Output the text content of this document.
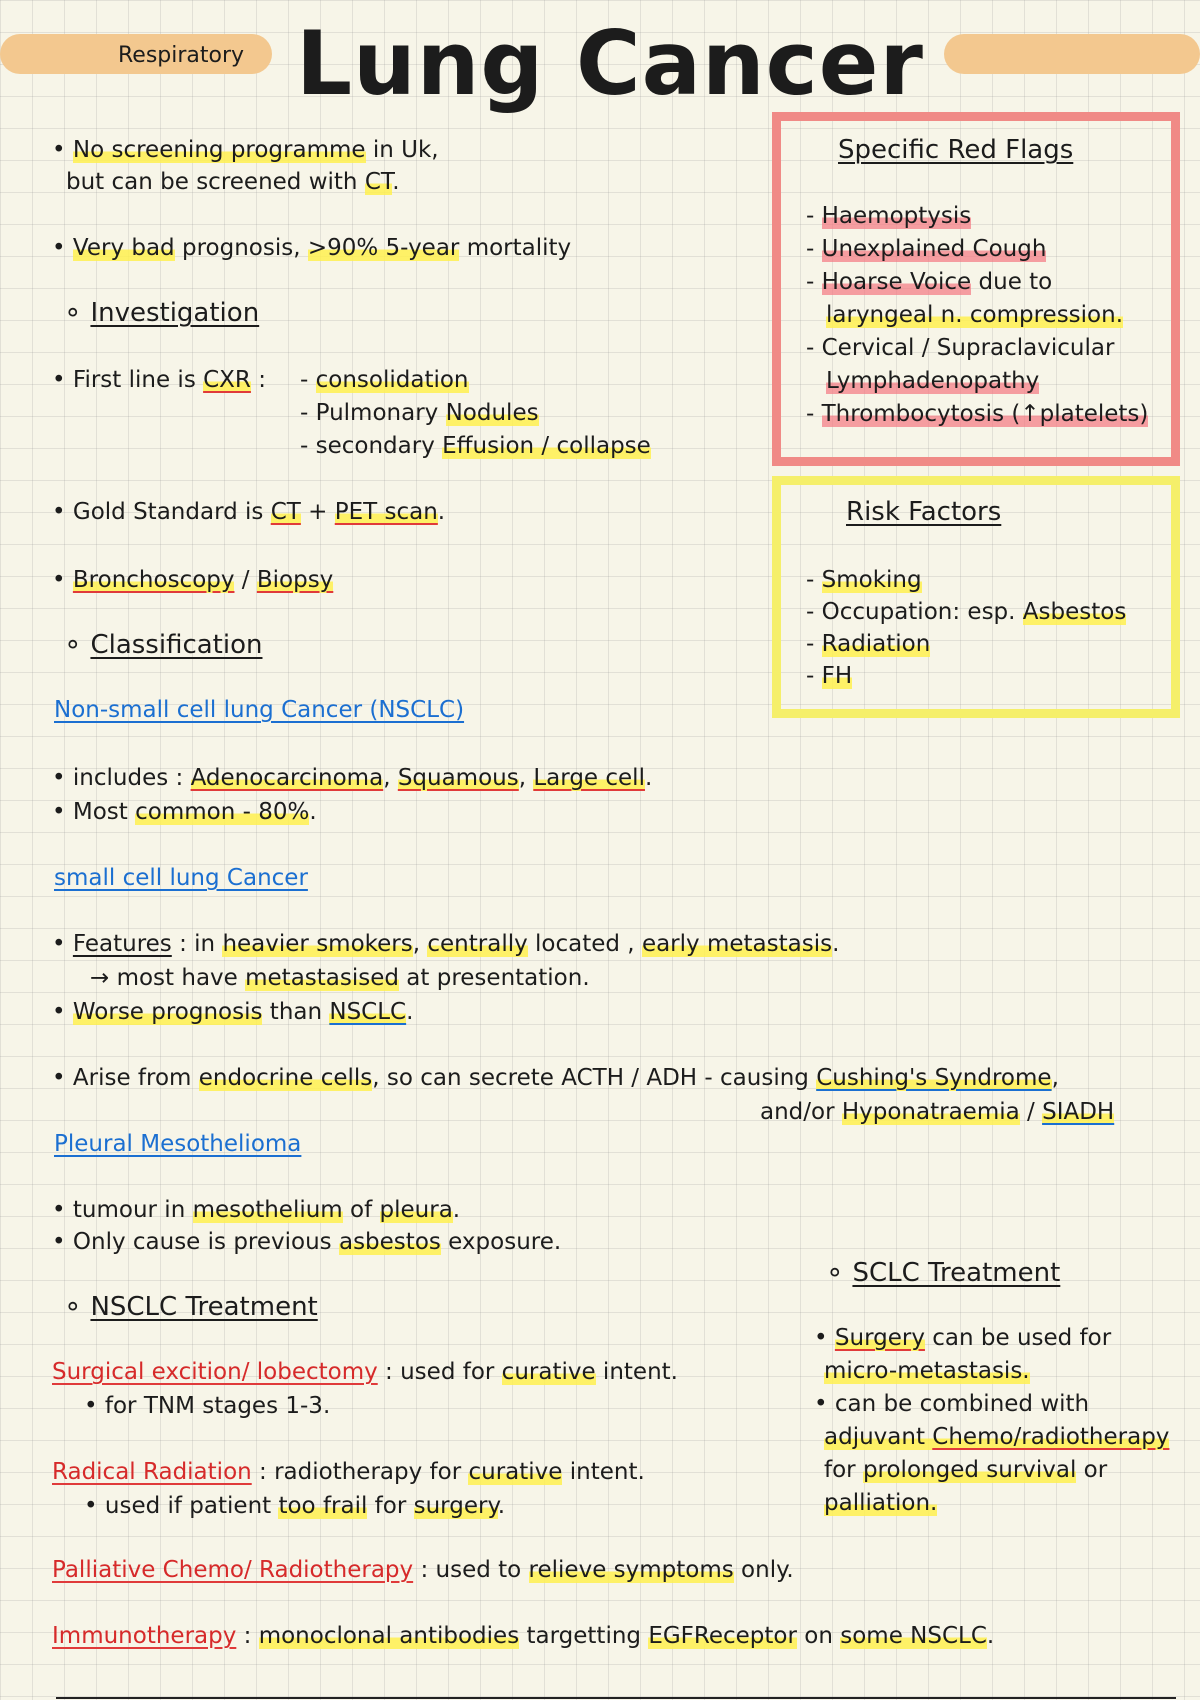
Respiratory Lung Cancer
Specific Red Flags
- Haemoptysis
- Unexplained Cough
- Hoarse Voice due to
laryngeal n. compression.
- Cervical / Supraclavicular
Lymphadenopathy
- Thrombocytosis (↑platelets)
Risk Factors
- Smoking
- Occupation: esp. Asbestos
- Radiation
- FH
• No screening programme in Uk,
but can be screened with CT.
• Very bad prognosis, >90% 5-year mortality
∘ Investigation
• First line is CXR :
-	consolidation
- Pulmonary Nodules
- secondary Effusion / collapse
• Gold Standard is CT + PET scan.
• Bronchoscopy / Biopsy
∘ Classification
Non-small cell lung Cancer (NSCLC)
• includes : Adenocarcinoma, Squamous, Large cell.
• Most common - 80%.
small cell lung Cancer
• Features : in heavier smokers, centrally located , early metastasis.
→ most have metastasised at presentation.
• Worse prognosis than NSCLC.
• Arise from endocrine cells, so can secrete ACTH / ADH - causing Cushing's Syndrome,
and/or Hyponatraemia / SIADH
Pleural Mesothelioma
• tumour in mesothelium of pleura.
• Only cause is previous asbestos exposure.
∘ NSCLC Treatment
Surgical excition/ lobectomy : used for curative intent.
• for TNM stages 1-3.
Radical Radiation : radiotherapy for curative intent.
• used if patient too frail for surgery.
Palliative Chemo/ Radiotherapy : used to relieve symptoms only.
Immunotherapy : monoclonal antibodies targetting EGFReceptor on some NSCLC.
∘ SCLC Treatment
• Surgery can be used for
micro-metastasis.
• can be combined with
adjuvant Chemo/radiotherapy
for prolonged survival or
palliation.
